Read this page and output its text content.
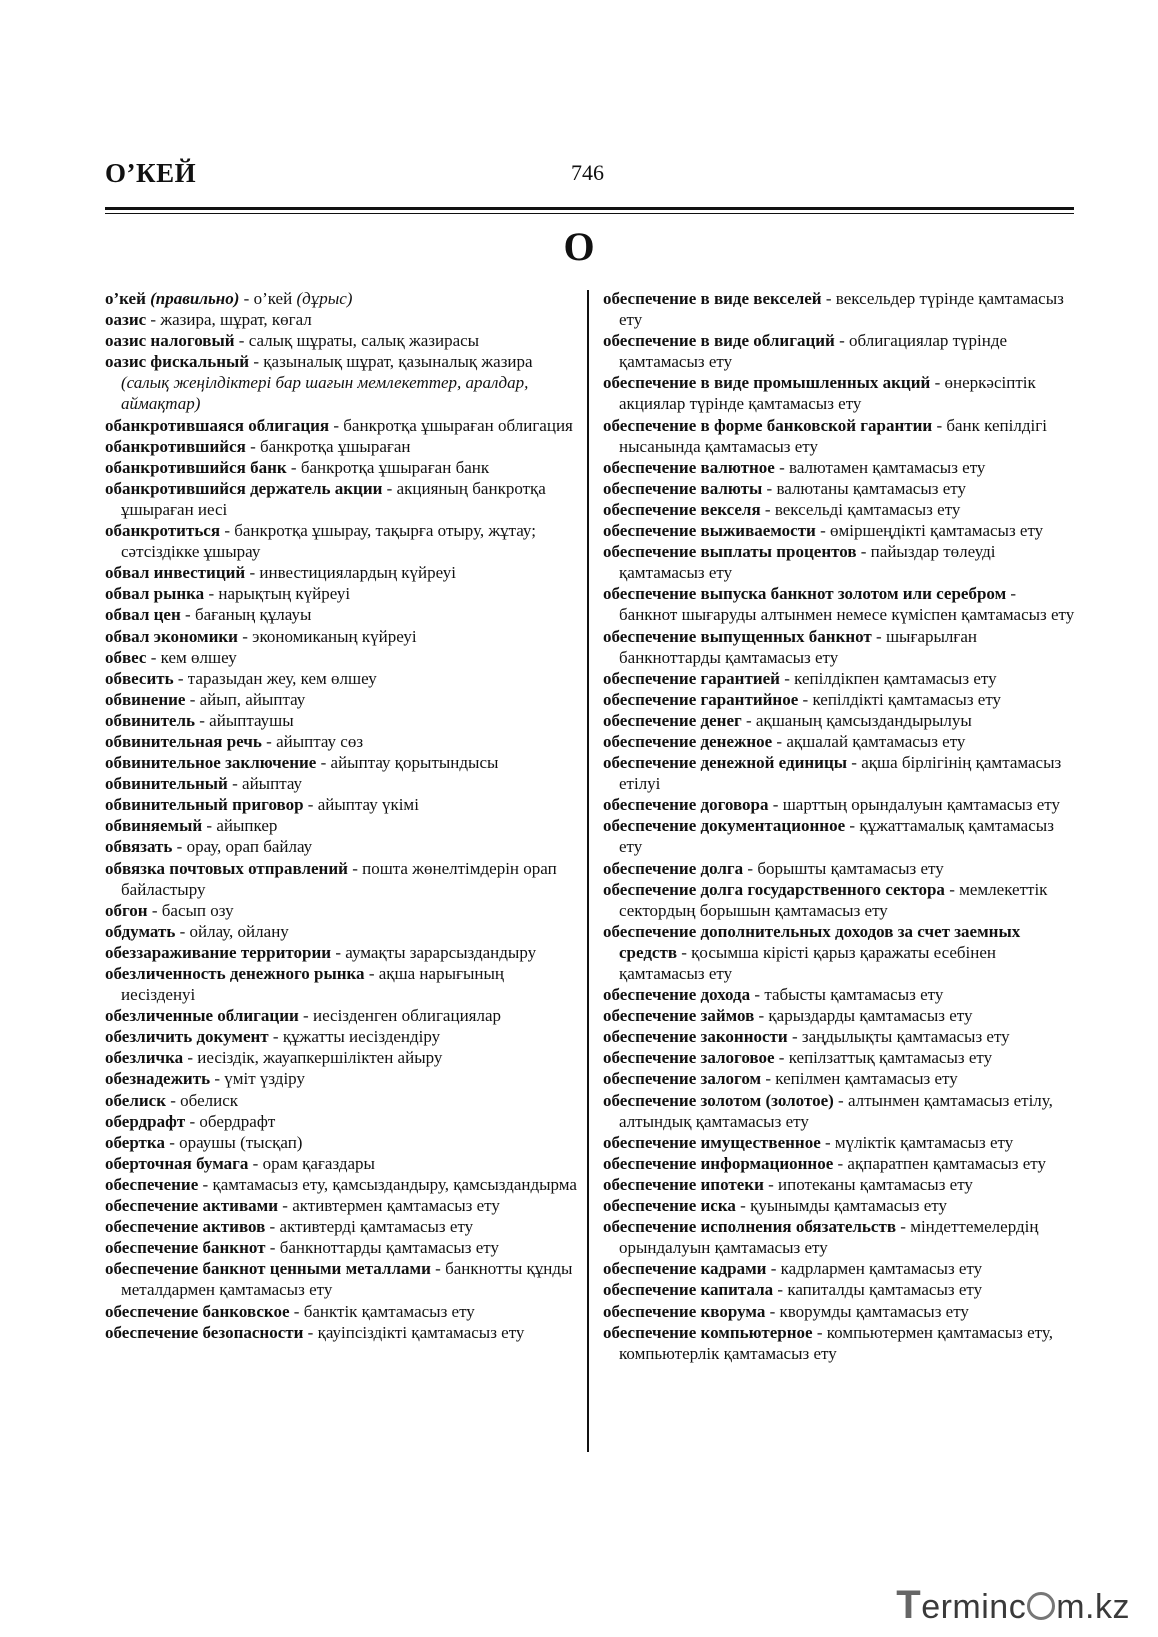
О’КЕЙ	746
О

о’кей (правильно) - о’кей (дұрыс)

оазис - жазира, шұрат, көгал

оазис налоговый - салық шұраты, салық жазирасы

оазис фискальный - қазыналық шұрат, қазыналық жазира (салық жеңілдіктері бар шағын мемлекеттер, аралдар, аймақтар)

обанкротившаяся облигация - банкротқа ұшыраған облигация

обанкротившийся - банкротқа ұшыраған

обанкротившийся банк - банкротқа ұшыраған банк

обанкротившийся держатель акции - акцияның банкротқа ұшыраған иесі

обанкротиться - банкротқа ұшырау, тақырға отыру, жұтау; сәтсіздікке ұшырау

обвал инвестиций - инвестициялардың күйреуі

обвал рынка - нарықтың күйреуі

обвал цен - бағаның құлауы

обвал экономики - экономиканың күйреуі

обвес - кем өлшеу

обвесить - таразыдан жеу, кем өлшеу

обвинение - айып, айыптау

обвинитель - айыптаушы

обвинительная речь - айыптау сөз

обвинительное заключение - айыптау қорытындысы

обвинительный - айыптау

обвинительный приговор - айыптау үкімі

обвиняемый - айыпкер

обвязать - орау, орап байлау

обвязка почтовых отправлений - пошта жөнелтімдерін орап байластыру

обгон - басып озу

обдумать - ойлау, ойлану

обеззараживание территории - аумақты зарарсыздандыру

обезличенность денежного рынка - ақша нарығының иесізденуі

обезличенные облигации - иесізденген облигациялар

обезличить документ - құжатты иесіздендіру

обезличка - иесіздік, жауапкершіліктен айыру

обезнадежить - үміт үздіру

обелиск - обелиск

обердрафт - обердрафт

обертка - ораушы (тысқап)

оберточная бумага - орам қағаздары

обеспечение - қамтамасыз ету, қамсыздандыру, қамсыздандырма

обеспечение активами - активтермен қамтамасыз ету

обеспечение активов - активтерді қамтамасыз ету

обеспечение банкнот - банкноттарды қамтамасыз ету

обеспечение банкнот ценными металлами - банкнотты құнды металдармен қамтамасыз ету

обеспечение банковское - банктік қамтамасыз ету

обеспечение безопасности - қауіпсіздікті қамтамасыз ету

обеспечение в виде векселей - вексельдер түрінде қамтамасыз ету

обеспечение в виде облигаций - облигациялар түрінде қамтамасыз ету

обеспечение в виде промышленных акций - өнеркәсіптік акциялар түрінде қамтамасыз ету

обеспечение в форме банковской гарантии - банк кепілдігі нысанында қамтамасыз ету

обеспечение валютное - валютамен қамтамасыз ету

обеспечение валюты - валютаны қамтамасыз ету

обеспечение векселя - вексельді қамтамасыз ету

обеспечение выживаемости - өміршеңдікті қамтамасыз ету

обеспечение выплаты процентов - пайыздар төлеуді қамтамасыз ету

обеспечение выпуска банкнот золотом или серебром - банкнот шығаруды алтынмен немесе күміспен қамтамасыз ету

обеспечение выпущенных банкнот - шығарылған банкноттарды қамтамасыз ету

обеспечение гарантией - кепілдікпен қамтамасыз ету

обеспечение гарантийное - кепілдікті қамтамасыз ету

обеспечение денег - ақшаның қамсыздандырылуы

обеспечение денежное - ақшалай қамтамасыз ету

обеспечение денежной единицы - ақша бірлігінің қамтамасыз етілуі

обеспечение договора - шарттың орындалуын қамтамасыз ету

обеспечение документационное - құжаттамалық қамтамасыз ету

обеспечение долга - борышты қамтамасыз ету

обеспечение долга государственного сектора - мемлекеттік сектордың борышын қамтамасыз ету

обеспечение дополнительных доходов за счет заемных средств - қосымша кірісті қарыз қаражаты есебінен қамтамасыз ету

обеспечение дохода - табысты қамтамасыз ету

обеспечение займов - қарыздарды қамтамасыз ету

обеспечение законности - заңдылықты қамтамасыз ету

обеспечение залоговое - кепілзаттық қамтамасыз ету

обеспечение залогом - кепілмен қамтамасыз ету

обеспечение золотом (золотое) - алтынмен қамтамасыз етілу, алтындық қамтамасыз ету

обеспечение имущественное - мүліктік қамтамасыз ету

обеспечение информационное - ақпаратпен қамтамасыз ету

обеспечение ипотеки - ипотеканы қамтамасыз ету

обеспечение иска - қуынымды қамтамасыз ету

обеспечение исполнения обязательств - міндеттемелердің орындалуын қамтамасыз ету

обеспечение кадрами - кадрлармен қамтамасыз ету

обеспечение капитала - капиталды қамтамасыз ету

обеспечение кворума - кворумды қамтамасыз ету

обеспечение компьютерное - компьютермен қамтамасыз ету, компьютерлік қамтамасыз ету

Terminc m.kz
